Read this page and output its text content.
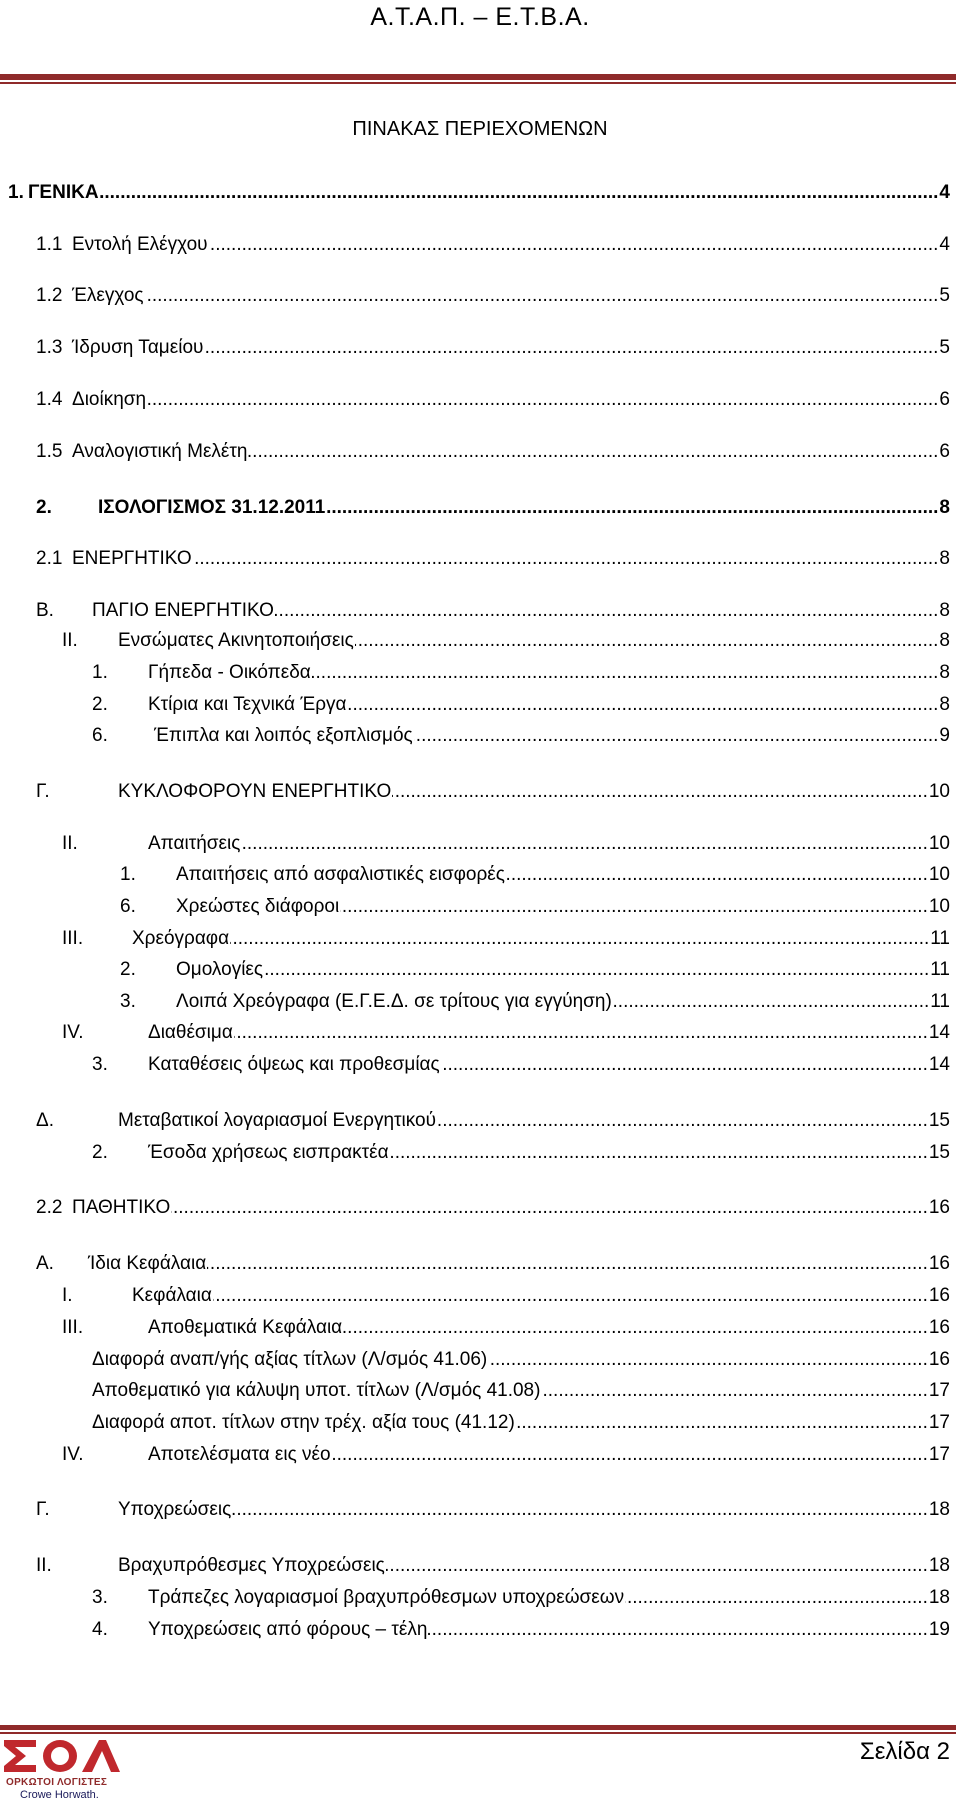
Α.Τ.Α.Π. – Ε.Τ.Β.Α.
ΠΙΝΑΚΑΣ ΠΕΡΙΕΧΟΜΕΝΩΝ
1. ΓΕΝΙΚΑ .....	4
1.1 Εντολή Ελέγχου .....	4
1.2 Έλεγχος .....	5
1.3 Ίδρυση Ταμείου .....	5
1.4 Διοίκηση .....	6
1.5 Αναλογιστική Μελέτη .....	6
2. ΙΣΟΛΟΓΙΣΜΟΣ 31.12.2011 .....	8
2.1 ΕΝΕΡΓΗΤΙΚΟ .....	8
Β. ΠΑΓΙΟ ΕΝΕΡΓΗΤΙΚΟ .....	8
ΙΙ. Ενσώματες Ακινητοποιήσεις .....	8
1. Γήπεδα - Οικόπεδα .....	8
2. Κτίρια και Τεχνικά Έργα .....	8
6. Έπιπλα και λοιπός εξοπλισμός .....	9
Γ.	ΚΥΚΛΟΦΟΡΟΥΝ ΕΝΕΡΓΗΤΙΚΟ .....	10
ΙΙ.	Απαιτήσεις .....	10
1. Απαιτήσεις από ασφαλιστικές εισφορές .....	10
6. Χρεώστες διάφοροι .....	10
ΙΙΙ.	Χρεόγραφα .....	11
2. Ομολογίες .....	11
3. Λοιπά Χρεόγραφα (Ε.Γ.Ε.Δ. σε τρίτους για εγγύηση) .....	11
IV.	Διαθέσιμα .....	14
3. Καταθέσεις όψεως και προθεσμίας .....	14
Δ.	Μεταβατικοί λογαριασμοί Ενεργητικού .....	15
2. Έσοδα χρήσεως εισπρακτέα .....	15
2.2 ΠΑΘΗΤΙΚΟ .....	16
Α. Ίδια Κεφάλαια .....	16
Ι.	Κεφάλαια .....	16
ΙΙΙ.	Αποθεματικά Κεφάλαια .....	16
Διαφορά αναπ/γής αξίας τίτλων (Λ/σμός 41.06) .....	16
Αποθεματικό για κάλυψη υποτ. τίτλων (Λ/σμός 41.08) .....	17
Διαφορά αποτ. τίτλων στην τρέχ. αξία τους (41.12) .....	17
IV.	Αποτελέσματα εις νέο .....	17
Γ.	Υποχρεώσεις .....	18
ΙΙ.	Βραχυπρόθεσμες Υποχρεώσεις .....	18
3. Τράπεζες λογαριασμοί βραχυπρόθεσμων υποχρεώσεων .....	18
4. Υποχρεώσεις από φόρους – τέλη .....	19
ΟΡΚΩΤΟΙ ΛΟΓΙΣΤΕΣ
Crowe Horwath.
Σελίδα 2
